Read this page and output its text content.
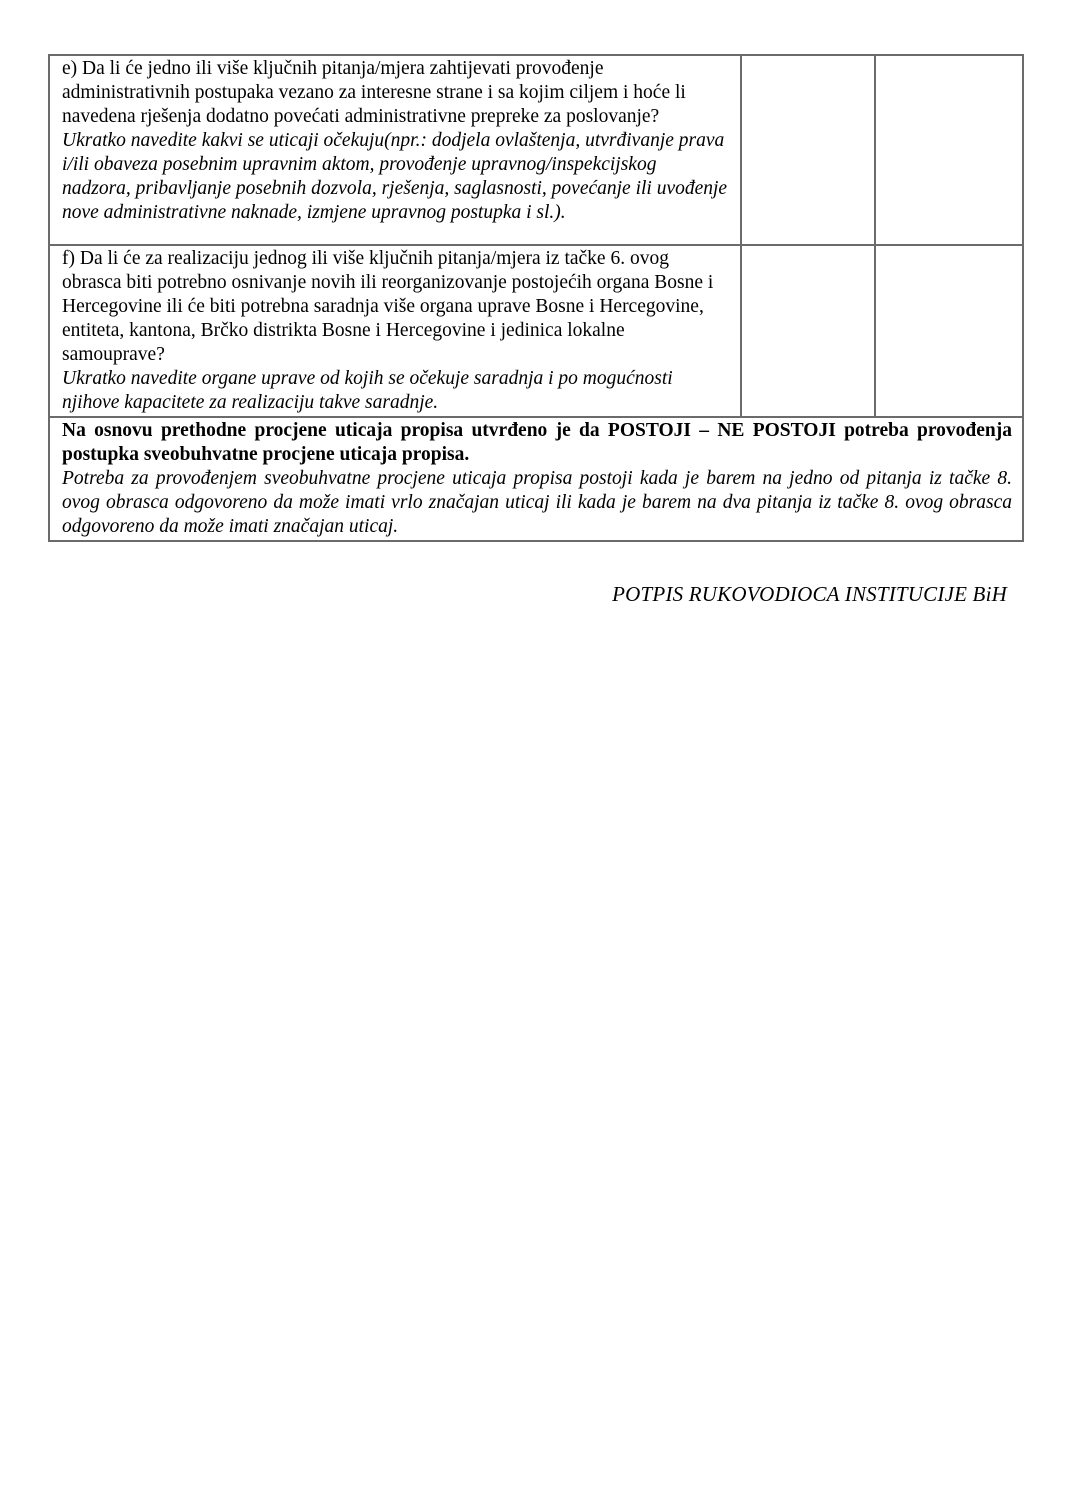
e) Da li će jedno ili više ključnih pitanja/mjera zahtijevati provođenje administrativnih postupaka vezano za interesne strane i sa kojim ciljem i hoće li navedena rješenja dodatno povećati administrativne prepreke za poslovanje?
Ukratko navedite kakvi se uticaji očekuju(npr.: dodjela ovlaštenja, utvrđivanje prava i/ili obaveza posebnim upravnim aktom, provođenje upravnog/inspekcijskog nadzora, pribavljanje posebnih dozvola, rješenja, saglasnosti, povećanje ili uvođenje nove administrativne naknade, izmjene upravnog postupka i sl.).		

f) Da li će za realizaciju jednog ili više ključnih pitanja/mjera iz tačke 6. ovog obrasca biti potrebno osnivanje novih ili reorganizovanje postojećih organa Bosne i Hercegovine ili će biti potrebna saradnja više organa uprave Bosne i Hercegovine, entiteta, kantona, Brčko distrikta Bosne i Hercegovine i jedinica lokalne samouprave?
Ukratko navedite organe uprave od kojih se očekuje saradnja i po mogućnosti njihove kapacitete za realizaciju takve saradnje.		

Na osnovu prethodne procjene uticaja propisa utvrđeno je da POSTOJI – NE POSTOJI potreba provođenja postupka sveobuhvatne procjene uticaja propisa.
Potreba za provođenjem sveobuhvatne procjene uticaja propisa postoji kada je barem na jedno od pitanja iz tačke 8. ovog obrasca odgovoreno da može imati vrlo značajan uticaj ili kada je barem na dva pitanja iz tačke 8. ovog obrasca odgovoreno da može imati značajan uticaj.		
POTPIS RUKOVODIOCA INSTITUCIJE BiH
